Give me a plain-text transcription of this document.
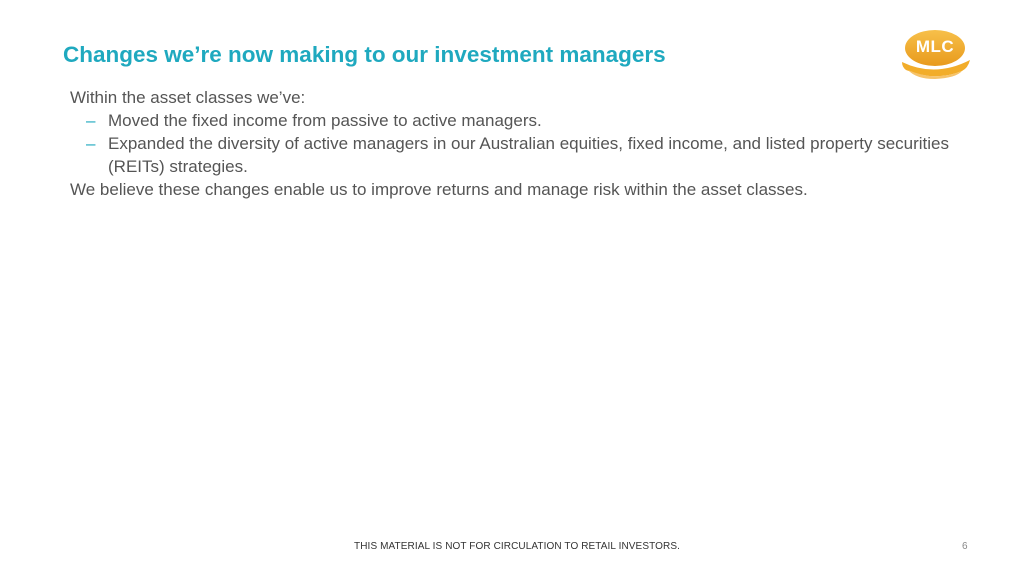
Changes we’re now making to our investment managers	MLC

Within the asset classes we’ve:

– Moved the fixed income from passive to active managers.
– Expanded the diversity of active managers in our Australian equities, fixed income, and listed property securities (REITs) strategies.

We believe these changes enable us to improve returns and manage risk within the asset classes.

THIS MATERIAL IS NOT FOR CIRCULATION TO RETAIL INVESTORS.	6
